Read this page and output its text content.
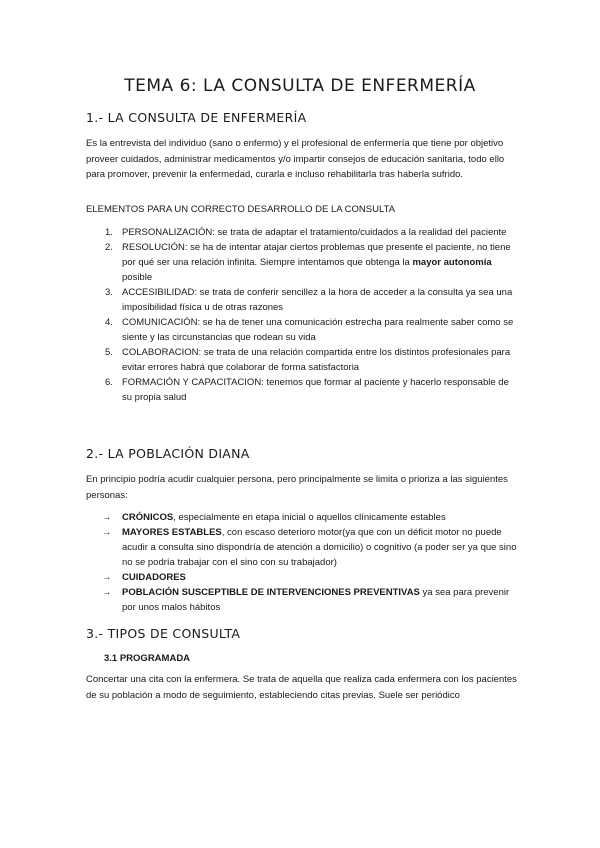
TEMA 6: LA CONSULTA DE ENFERMERÍA
1.- LA CONSULTA DE ENFERMERÍA

Es la entrevista del individuo (sano o enfermo) y el profesional de enfermería que tiene por objetivo proveer cuidados, administrar medicamentos y/o impartir consejos de educación sanitaria, todo ello para promover, prevenir la enfermedad, curarla e incluso rehabilitarla tras haberla sufrido.

ELEMENTOS PARA UN CORRECTO DESARROLLO DE LA CONSULTA

1. PERSONALIZACIÓN: se trata de adaptar el tratamiento/cuidados a la realidad del paciente
2. RESOLUCIÓN: se ha de intentar atajar ciertos problemas que presente el paciente, no tiene por qué ser una relación infinita. Siempre intentamos que obtenga la mayor autonomía posible
3. ACCESIBILIDAD: se trata de conferir sencillez a la hora de acceder a la consulta ya sea una imposibilidad física u de otras razones
4. COMUNICACIÓN: se ha de tener una comunicación estrecha para realmente saber como se siente y las circunstancias que rodean su vida
5. COLABORACION: se trata de una relación compartida entre los distintos profesionales para evitar errores habrá que colaborar de forma satisfactoria
6. FORMACIÓN Y CAPACITACION: tenemos que formar al paciente y hacerlo responsable de su propia salud
2.- LA POBLACIÓN DIANA

En principio podría acudir cualquier persona, pero principalmente se limita o prioriza a las siguientes personas:

→ CRÓNICOS, especialmente en etapa inicial o aquellos clínicamente estables
→ MAYORES ESTABLES, con escaso deterioro motor(ya que con un déficit motor no puede acudir a consulta sino dispondría de atención a domicilio) o cognitivo (a poder ser ya que sino no se podría trabajar con el sino con su trabajador)
→ CUIDADORES
→ POBLACIÓN SUSCEPTIBLE DE INTERVENCIONES PREVENTIVAS ya sea para prevenir por unos malos hábitos
3.- TIPOS DE CONSULTA
3.1 PROGRAMADA

Concertar una cita con la enfermera. Se trata de aquella que realiza cada enfermera con los pacientes de su población a modo de seguimiento, estableciendo citas previas. Suele ser periódico
